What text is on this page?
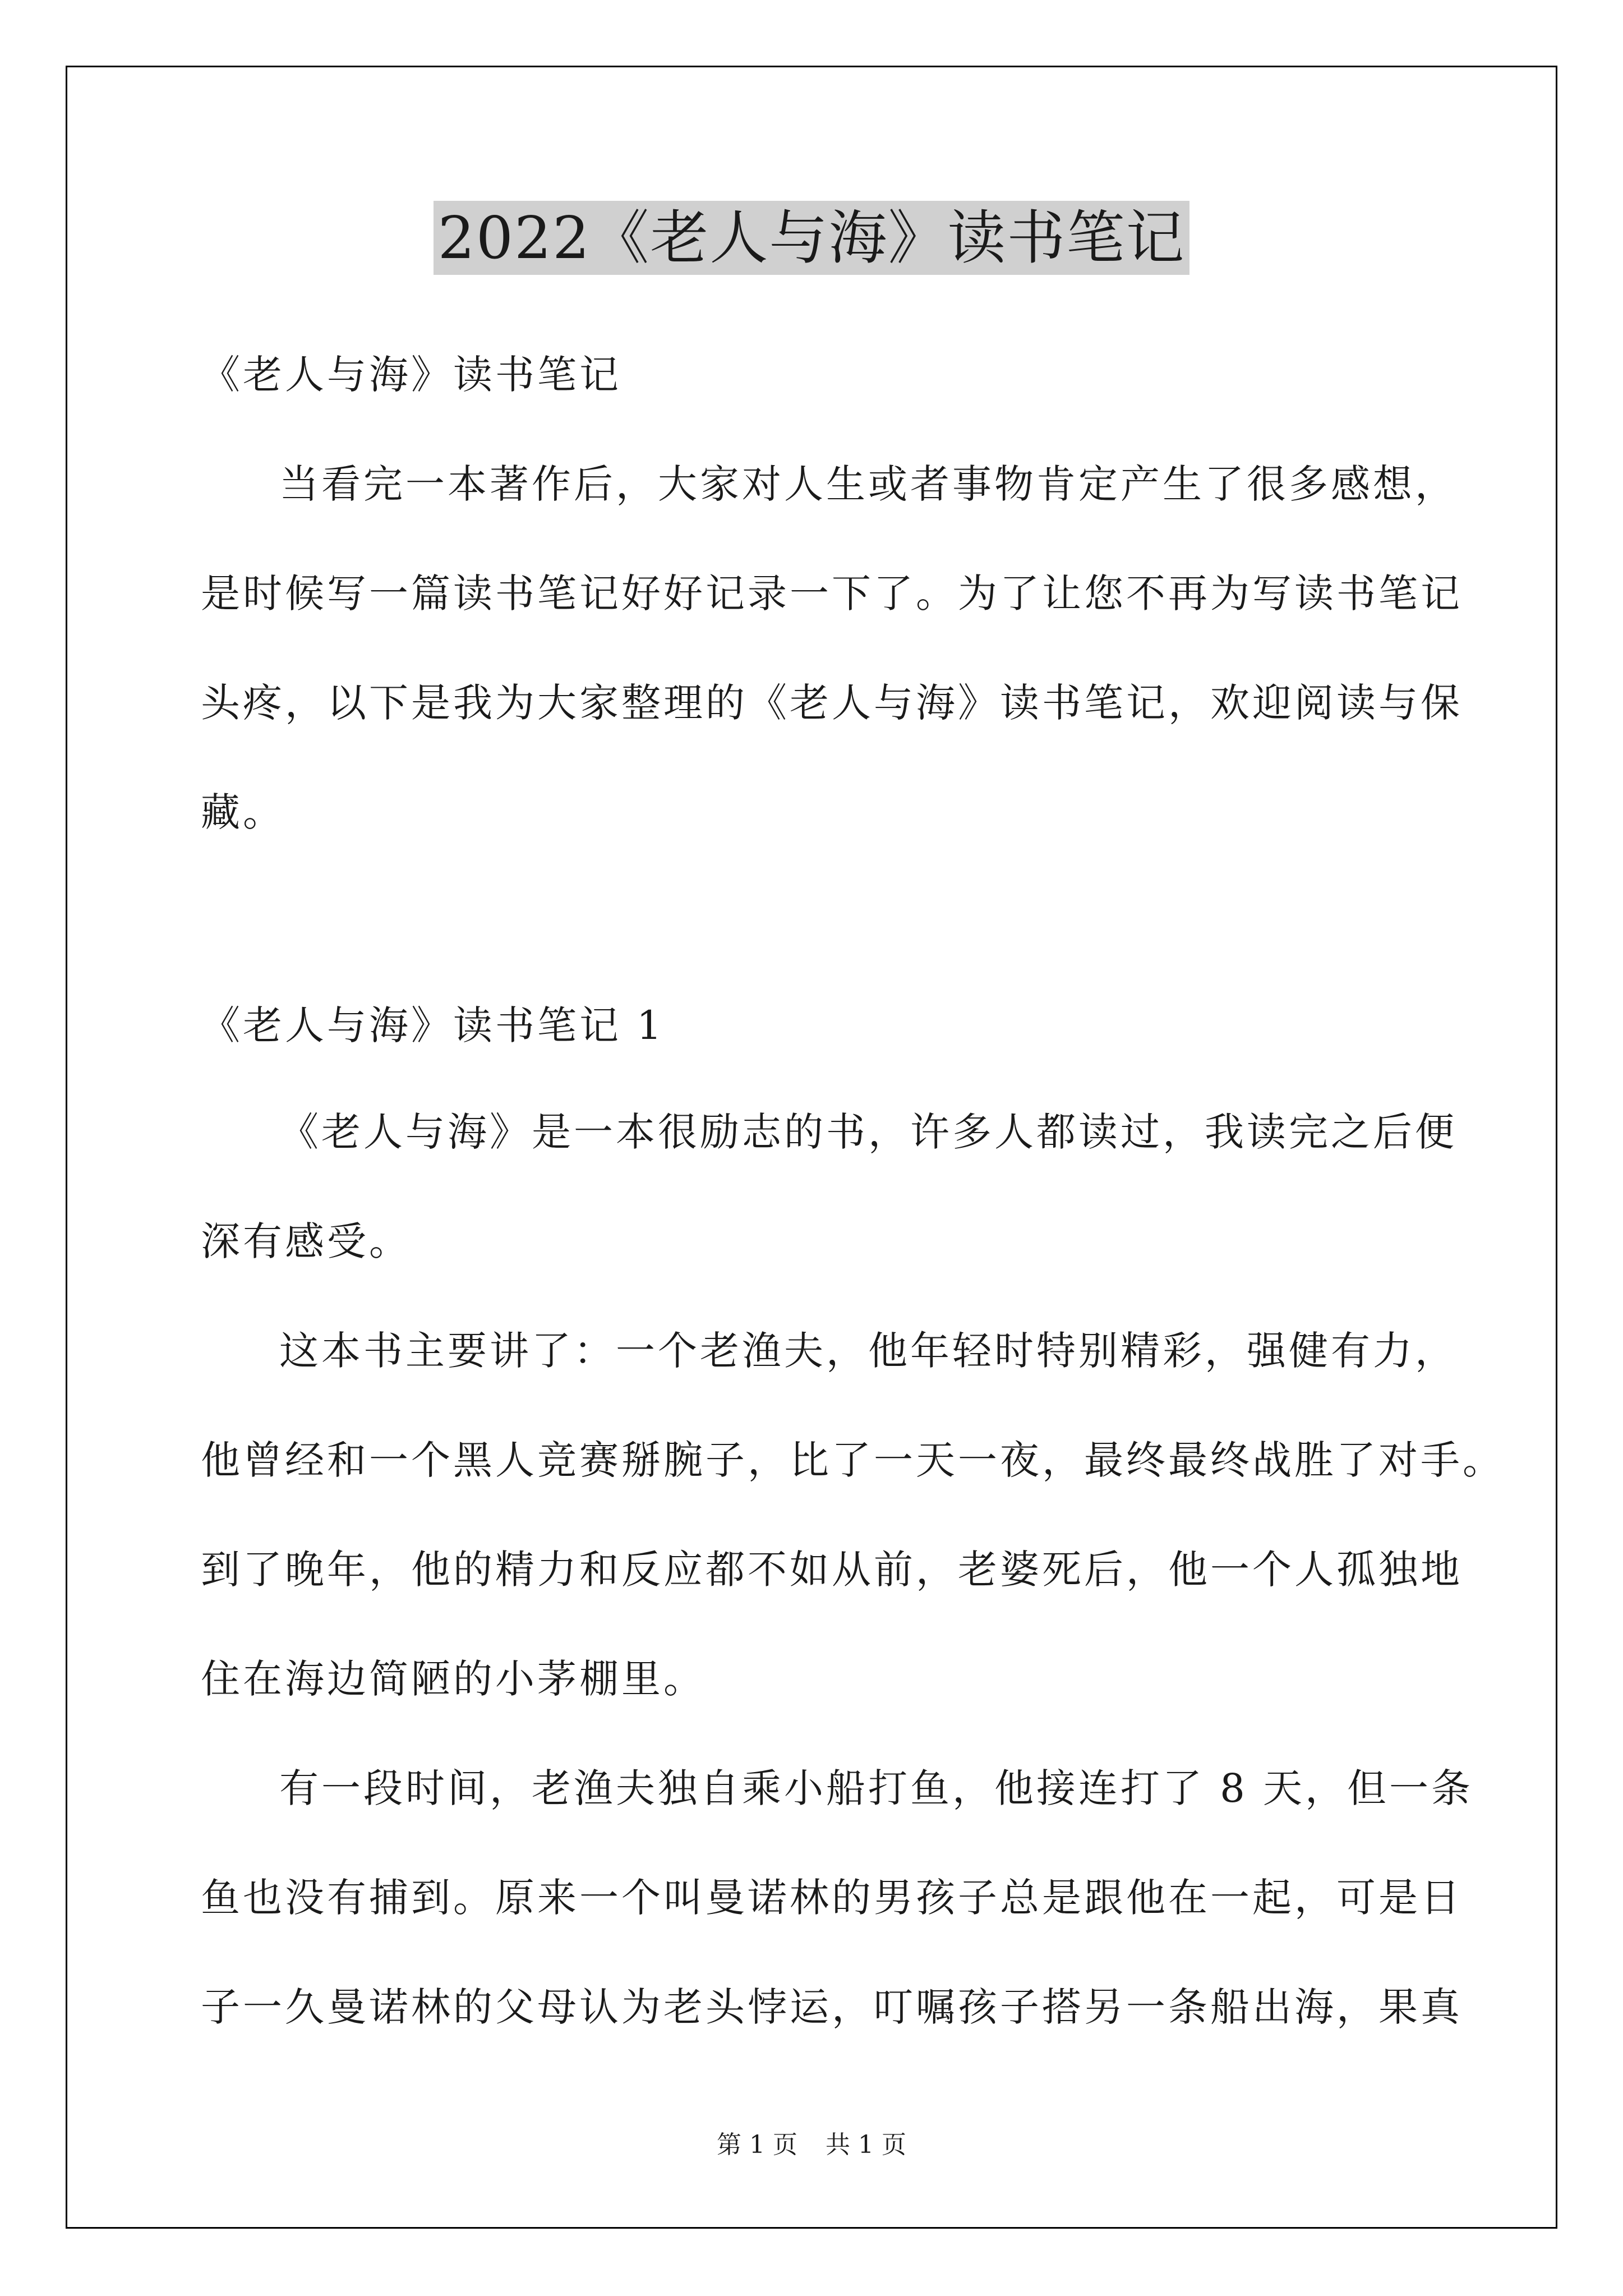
2022《老人与海》读书笔记
《老人与海》读书笔记
当看完一本著作后，大家对人生或者事物肯定产生了很多感想，
是时候写一篇读书笔记好好记录一下了。为了让您不再为写读书笔记
头疼，以下是我为大家整理的《老人与海》读书笔记，欢迎阅读与保
藏。
《老人与海》读书笔记 1
《老人与海》是一本很励志的书，许多人都读过，我读完之后便
深有感受。
这本书主要讲了：一个老渔夫，他年轻时特别精彩，强健有力，
他曾经和一个黑人竞赛掰腕子，比了一天一夜，最终最终战胜了对手。
到了晚年，他的精力和反应都不如从前，老婆死后，他一个人孤独地
住在海边简陋的小茅棚里。
有一段时间，老渔夫独自乘小船打鱼，他接连打了 8 天，但一条
鱼也没有捕到。原来一个叫曼诺林的男孩子总是跟他在一起，可是日
子一久曼诺林的父母认为老头悖运，叮嘱孩子搭另一条船出海，果真
第 1 页 共 1 页
